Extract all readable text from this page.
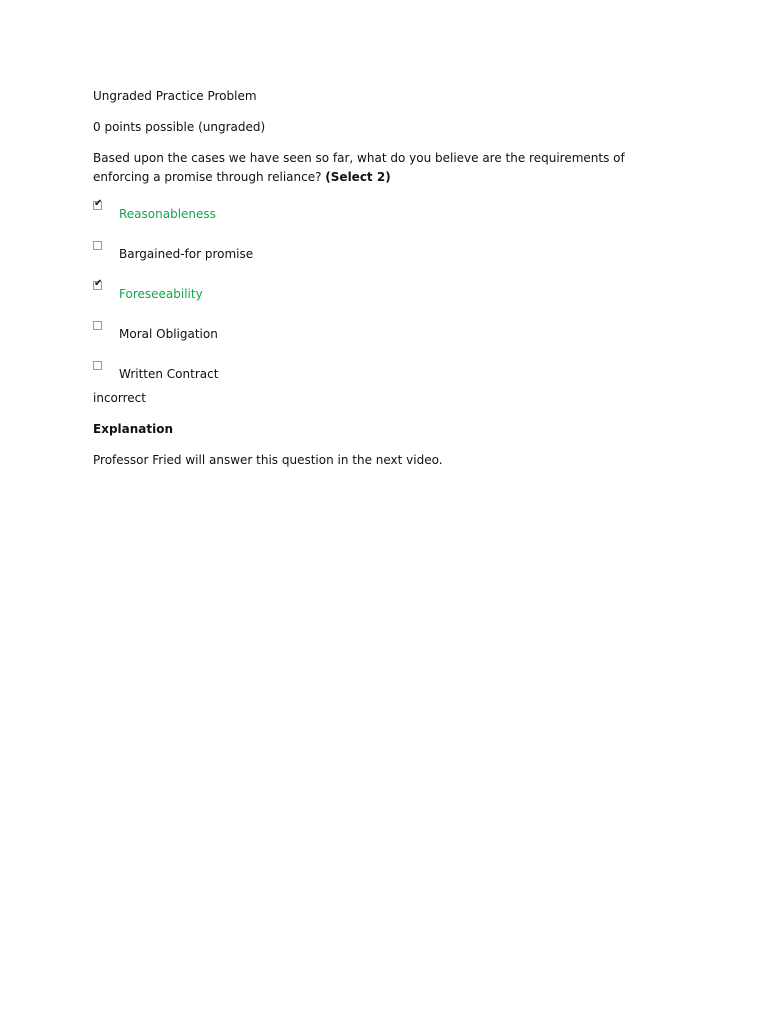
Ungraded Practice Problem
0 points possible (ungraded)
Based upon the cases we have seen so far, what do you believe are the requirements of enforcing a promise through reliance? (Select 2)
✔
Reasonableness
Bargained-for promise
✔
Foreseeability
Moral Obligation
Written Contract
incorrect
Explanation
Professor Fried will answer this question in the next video.
